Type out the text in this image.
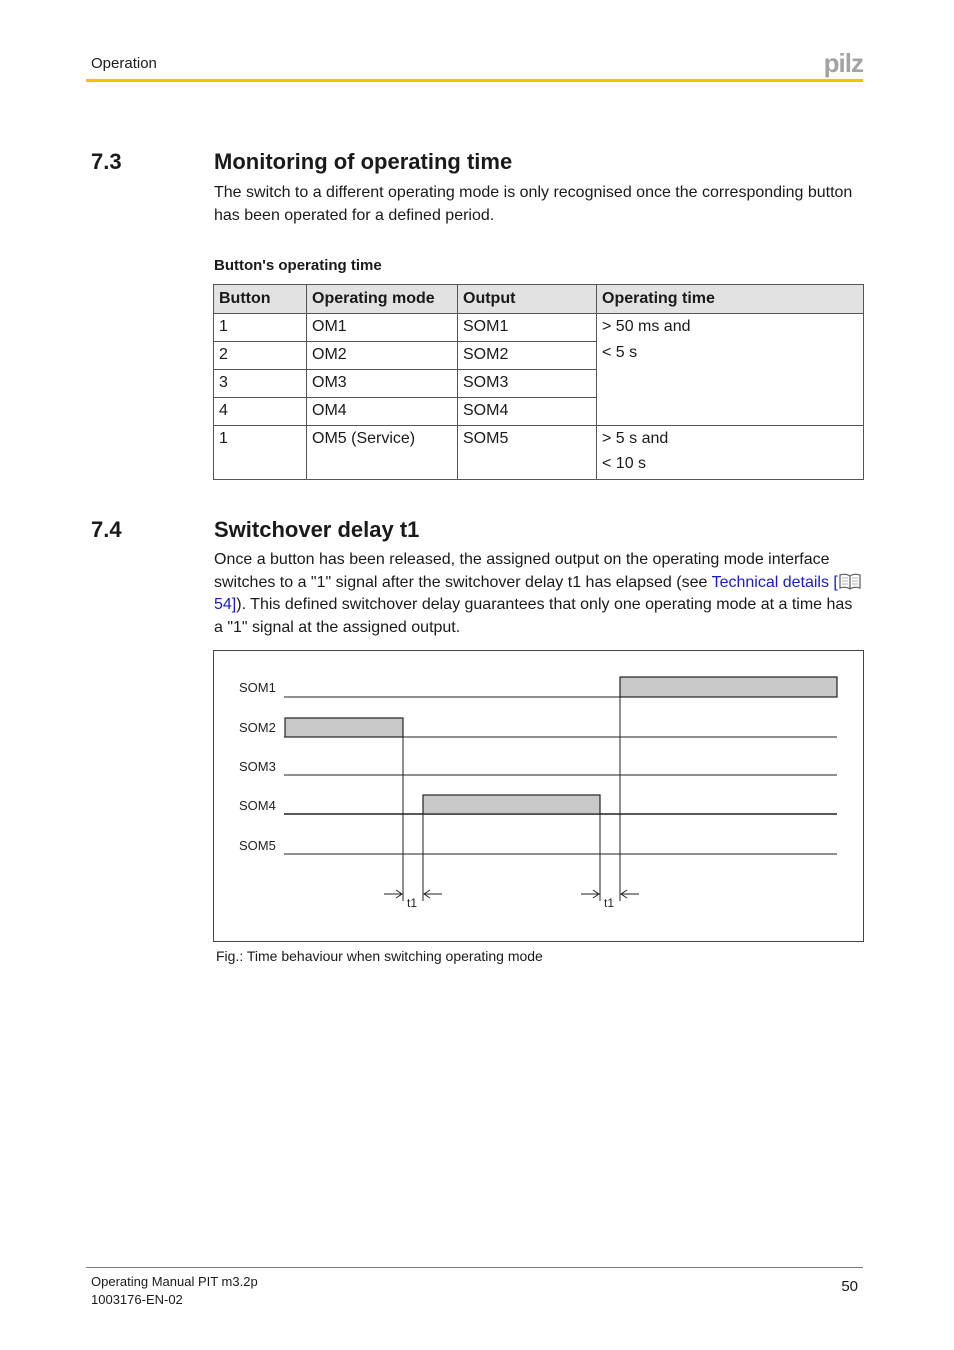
Operation	pilz
7.3	Monitoring of operating time
The switch to a different operating mode is only recognised once the corresponding button has been operated for a defined period.
Button's operating time
Button	Operating mode	Output	Operating time
1	OM1	SOM1	> 50 ms and
< 5 s

2	OM2	SOM2	
3	OM3	SOM3	
4	OM4	SOM4	
1	OM5 (Service)	SOM5	> 5 s and
< 10 s
7.4	Switchover delay t1
Once a button has been released, the assigned output on the operating mode interface switches to a "1" signal after the switchover delay t1 has elapsed (see Technical details [ 54]). This defined switchover delay guarantees that only one operating mode at a time has a "1" signal at the assigned output.
SOM1
SOM2
SOM3
SOM4
SOM5
t1	t1
Fig.: Time behaviour when switching operating mode
Operating Manual PIT m3.2p
1003176-EN-02
50
